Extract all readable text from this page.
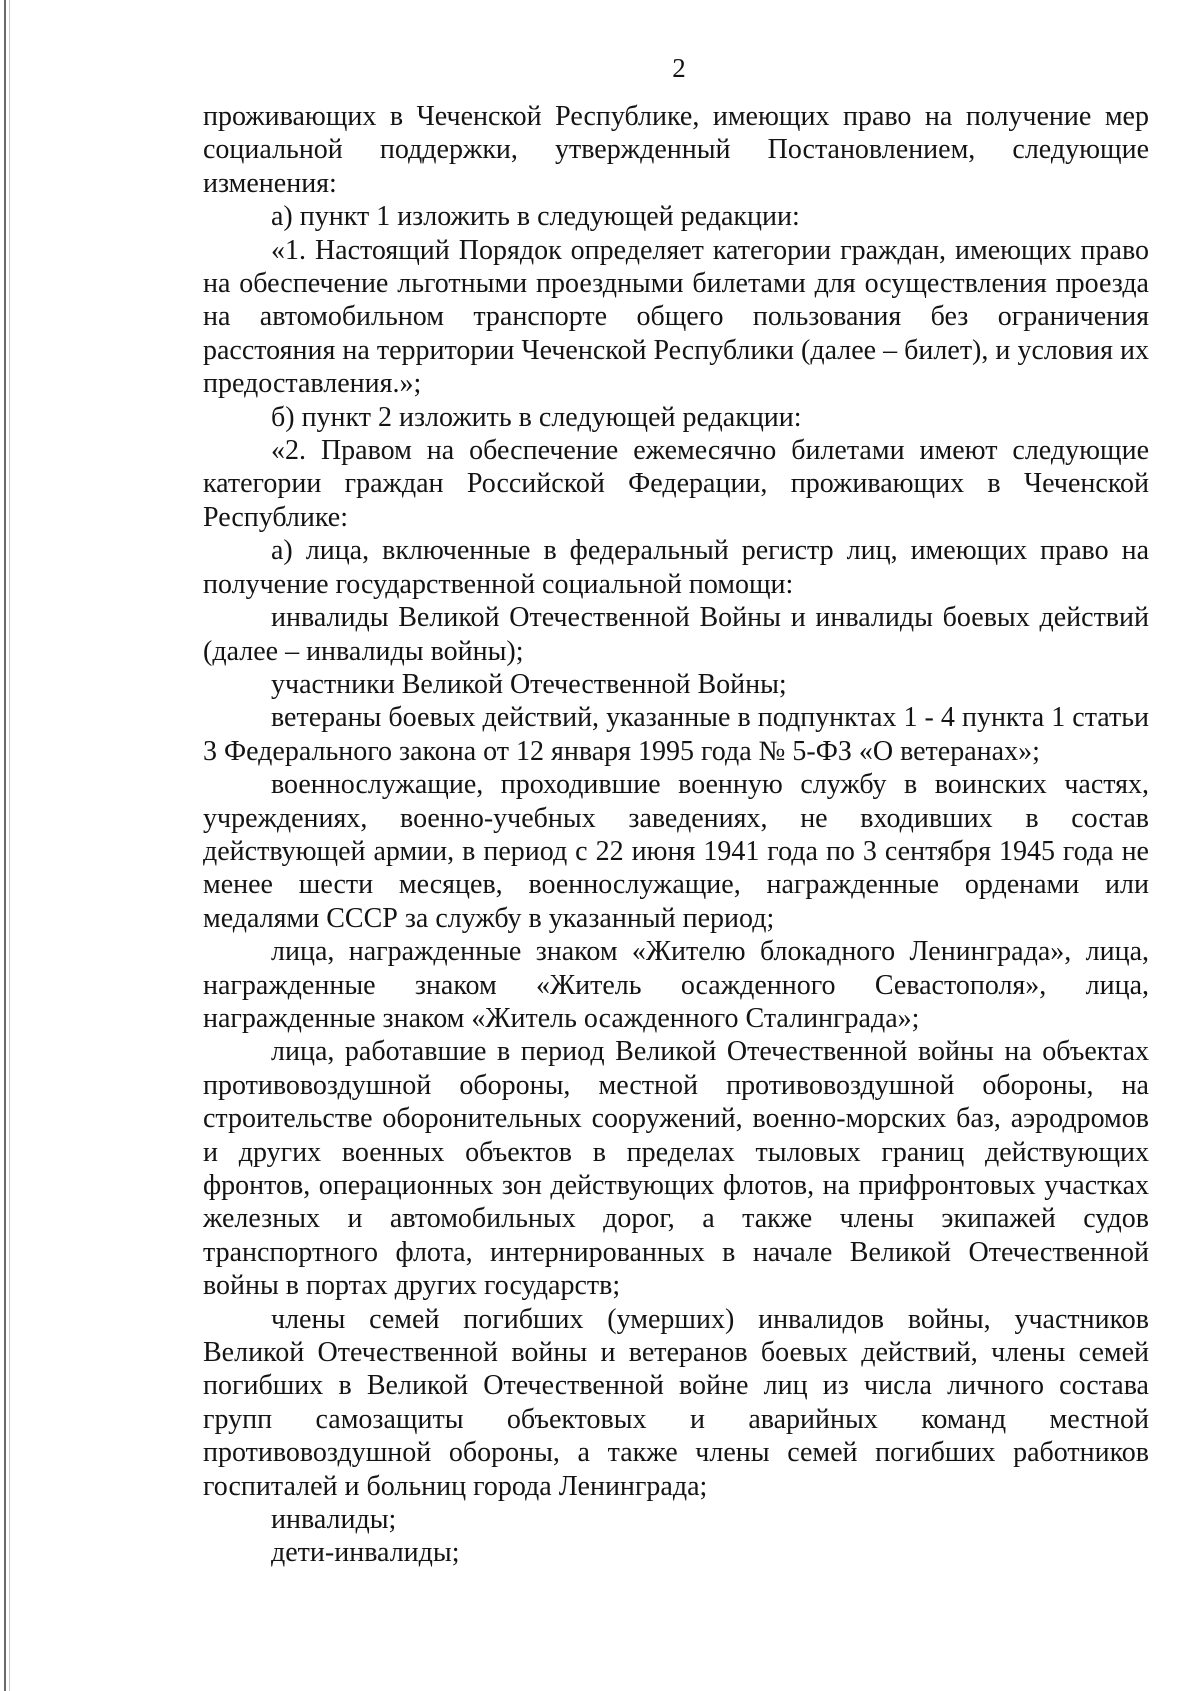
2

проживающих в Чеченской Республике, имеющих право на получение мер социальной поддержки, утвержденный Постановлением, следующие изменения:

а) пункт 1 изложить в следующей редакции:

«1. Настоящий Порядок определяет категории граждан, имеющих право на обеспечение льготными проездными билетами для осуществления проезда на автомобильном транспорте общего пользования без ограничения расстояния на территории Чеченской Республики (далее – билет), и условия их предоставления.»;

б) пункт 2 изложить в следующей редакции:

«2. Правом на обеспечение ежемесячно билетами имеют следующие категории граждан Российской Федерации, проживающих в Чеченской Республике:

а) лица, включенные в федеральный регистр лиц, имеющих право на получение государственной социальной помощи:

инвалиды Великой Отечественной Войны и инвалиды боевых действий (далее – инвалиды войны);

участники Великой Отечественной Войны;

ветераны боевых действий, указанные в подпунктах 1 - 4 пункта 1 статьи 3 Федерального закона от 12 января 1995 года № 5-ФЗ «О ветеранах»;

военнослужащие, проходившие военную службу в воинских частях, учреждениях, военно-учебных заведениях, не входивших в состав действующей армии, в период с 22 июня 1941 года по 3 сентября 1945 года не менее шести месяцев, военнослужащие, награжденные орденами или медалями СССР за службу в указанный период;

лица, награжденные знаком «Жителю блокадного Ленинграда», лица, награжденные знаком «Житель осажденного Севастополя», лица, награжденные знаком «Житель осажденного Сталинграда»;

лица, работавшие в период Великой Отечественной войны на объектах противовоздушной обороны, местной противовоздушной обороны, на строительстве оборонительных сооружений, военно-морских баз, аэродромов и других военных объектов в пределах тыловых границ действующих фронтов, операционных зон действующих флотов, на прифронтовых участках железных и автомобильных дорог, а также члены экипажей судов транспортного флота, интернированных в начале Великой Отечественной войны в портах других государств;

члены семей погибших (умерших) инвалидов войны, участников Великой Отечественной войны и ветеранов боевых действий, члены семей погибших в Великой Отечественной войне лиц из числа личного состава групп самозащиты объектовых и аварийных команд местной противовоздушной обороны, а также члены семей погибших работников госпиталей и больниц города Ленинграда;

инвалиды;

дети-инвалиды;
